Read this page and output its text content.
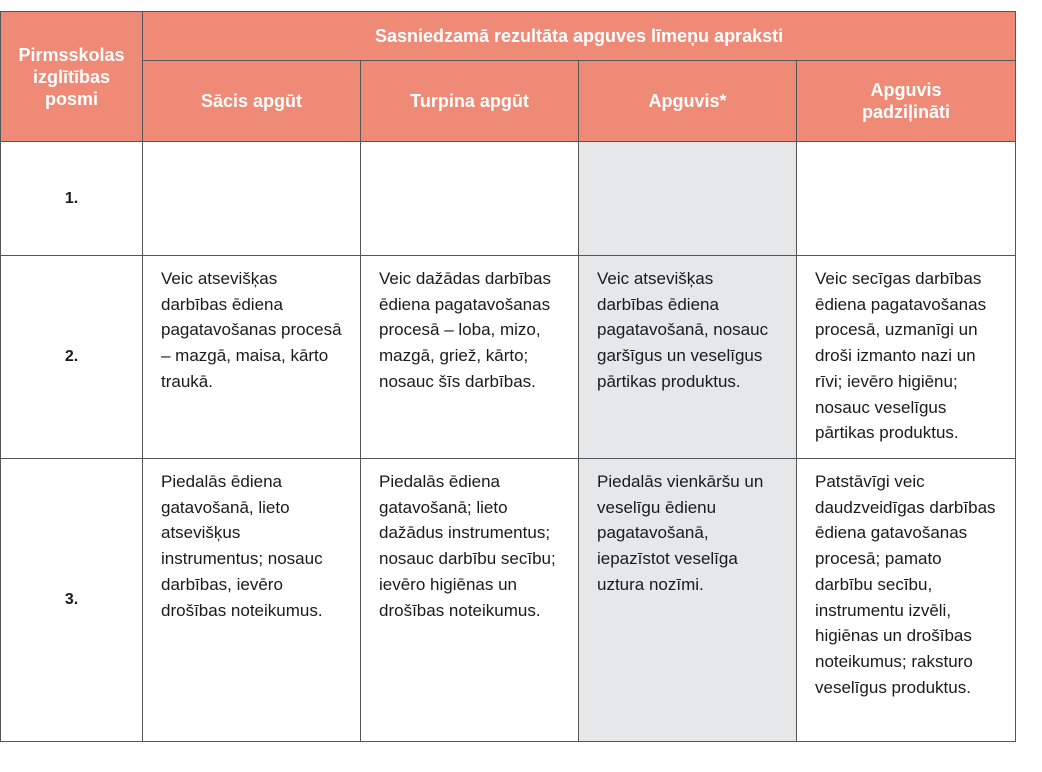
Pirmsskolas izglītības posmi	Sasniedzamā rezultāta apguves līmeņu apraksti			
	Sācis apgūt	Turpina apgūt	Apguvis*	Apguvis padziļināti
1.				
2.	Veic atsevišķas darbības ēdiena pagatavošanas procesā – mazgā, maisa, kārto traukā.	Veic dažādas darbības ēdiena pagatavošanas procesā – loba, mizo, mazgā, griež, kārto; nosauc šīs darbības.	Veic atsevišķas darbības ēdiena pagatavošanā, nosauc garšīgus un veselīgus pārtikas produktus.	Veic secīgas darbības ēdiena pagatavošanas procesā, uzmanīgi un droši izmanto nazi un rīvi; ievēro higiēnu; nosauc veselīgus pārtikas produktus.
3.	Piedalās ēdiena gatavošanā, lieto atsevišķus instrumentus; nosauc darbības, ievēro drošības noteikumus.	Piedalās ēdiena gatavošanā; lieto dažādus instrumentus; nosauc darbību secību; ievēro higiēnas un drošības noteikumus.	Piedalās vienkāršu un veselīgu ēdienu pagatavošanā, iepazīstot veselīga uztura nozīmi.	Patstāvīgi veic daudzveidīgas darbības ēdiena gatavošanas procesā; pamato darbību secību, instrumentu izvēli, higiēnas un drošības noteikumus; raksturo veselīgus produktus.
